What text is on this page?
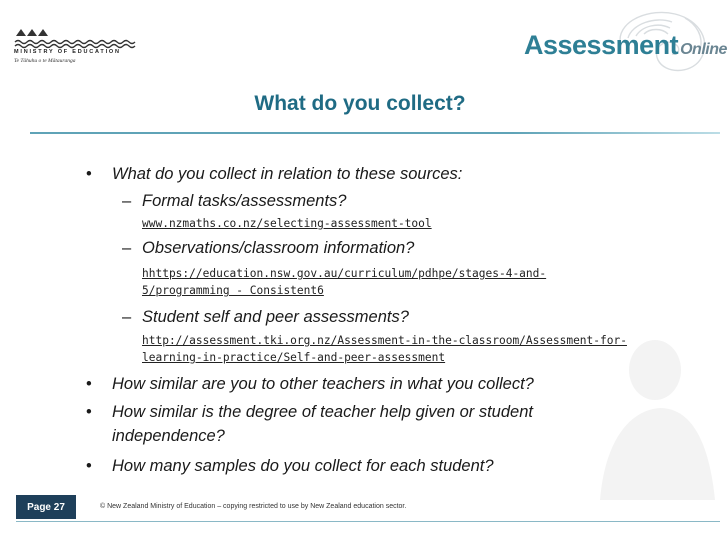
MINISTRY OF EDUCATION
Te Tāhuhu o te Mātauranga
Assessment Online
What do you collect?
• What do you collect in relation to these sources:
– Formal tasks/assessments?
www.nzmaths.co.nz/selecting-assessment-tool
– Observations/classroom information?
hhttps://education.nsw.gov.au/curriculum/pdhpe/stages-4-and-
5/programming - Consistent6
– Student self and peer assessments?
http://assessment.tki.org.nz/Assessment-in-the-classroom/Assessment-for-
learning-in-practice/Self-and-peer-assessment
• How similar are you to other teachers in what you collect?
• How similar is the degree of teacher help given or student
independence?
• How many samples do you collect for each student?
Page 27	© New Zealand Ministry of Education – copying restricted to use by New Zealand education sector.
